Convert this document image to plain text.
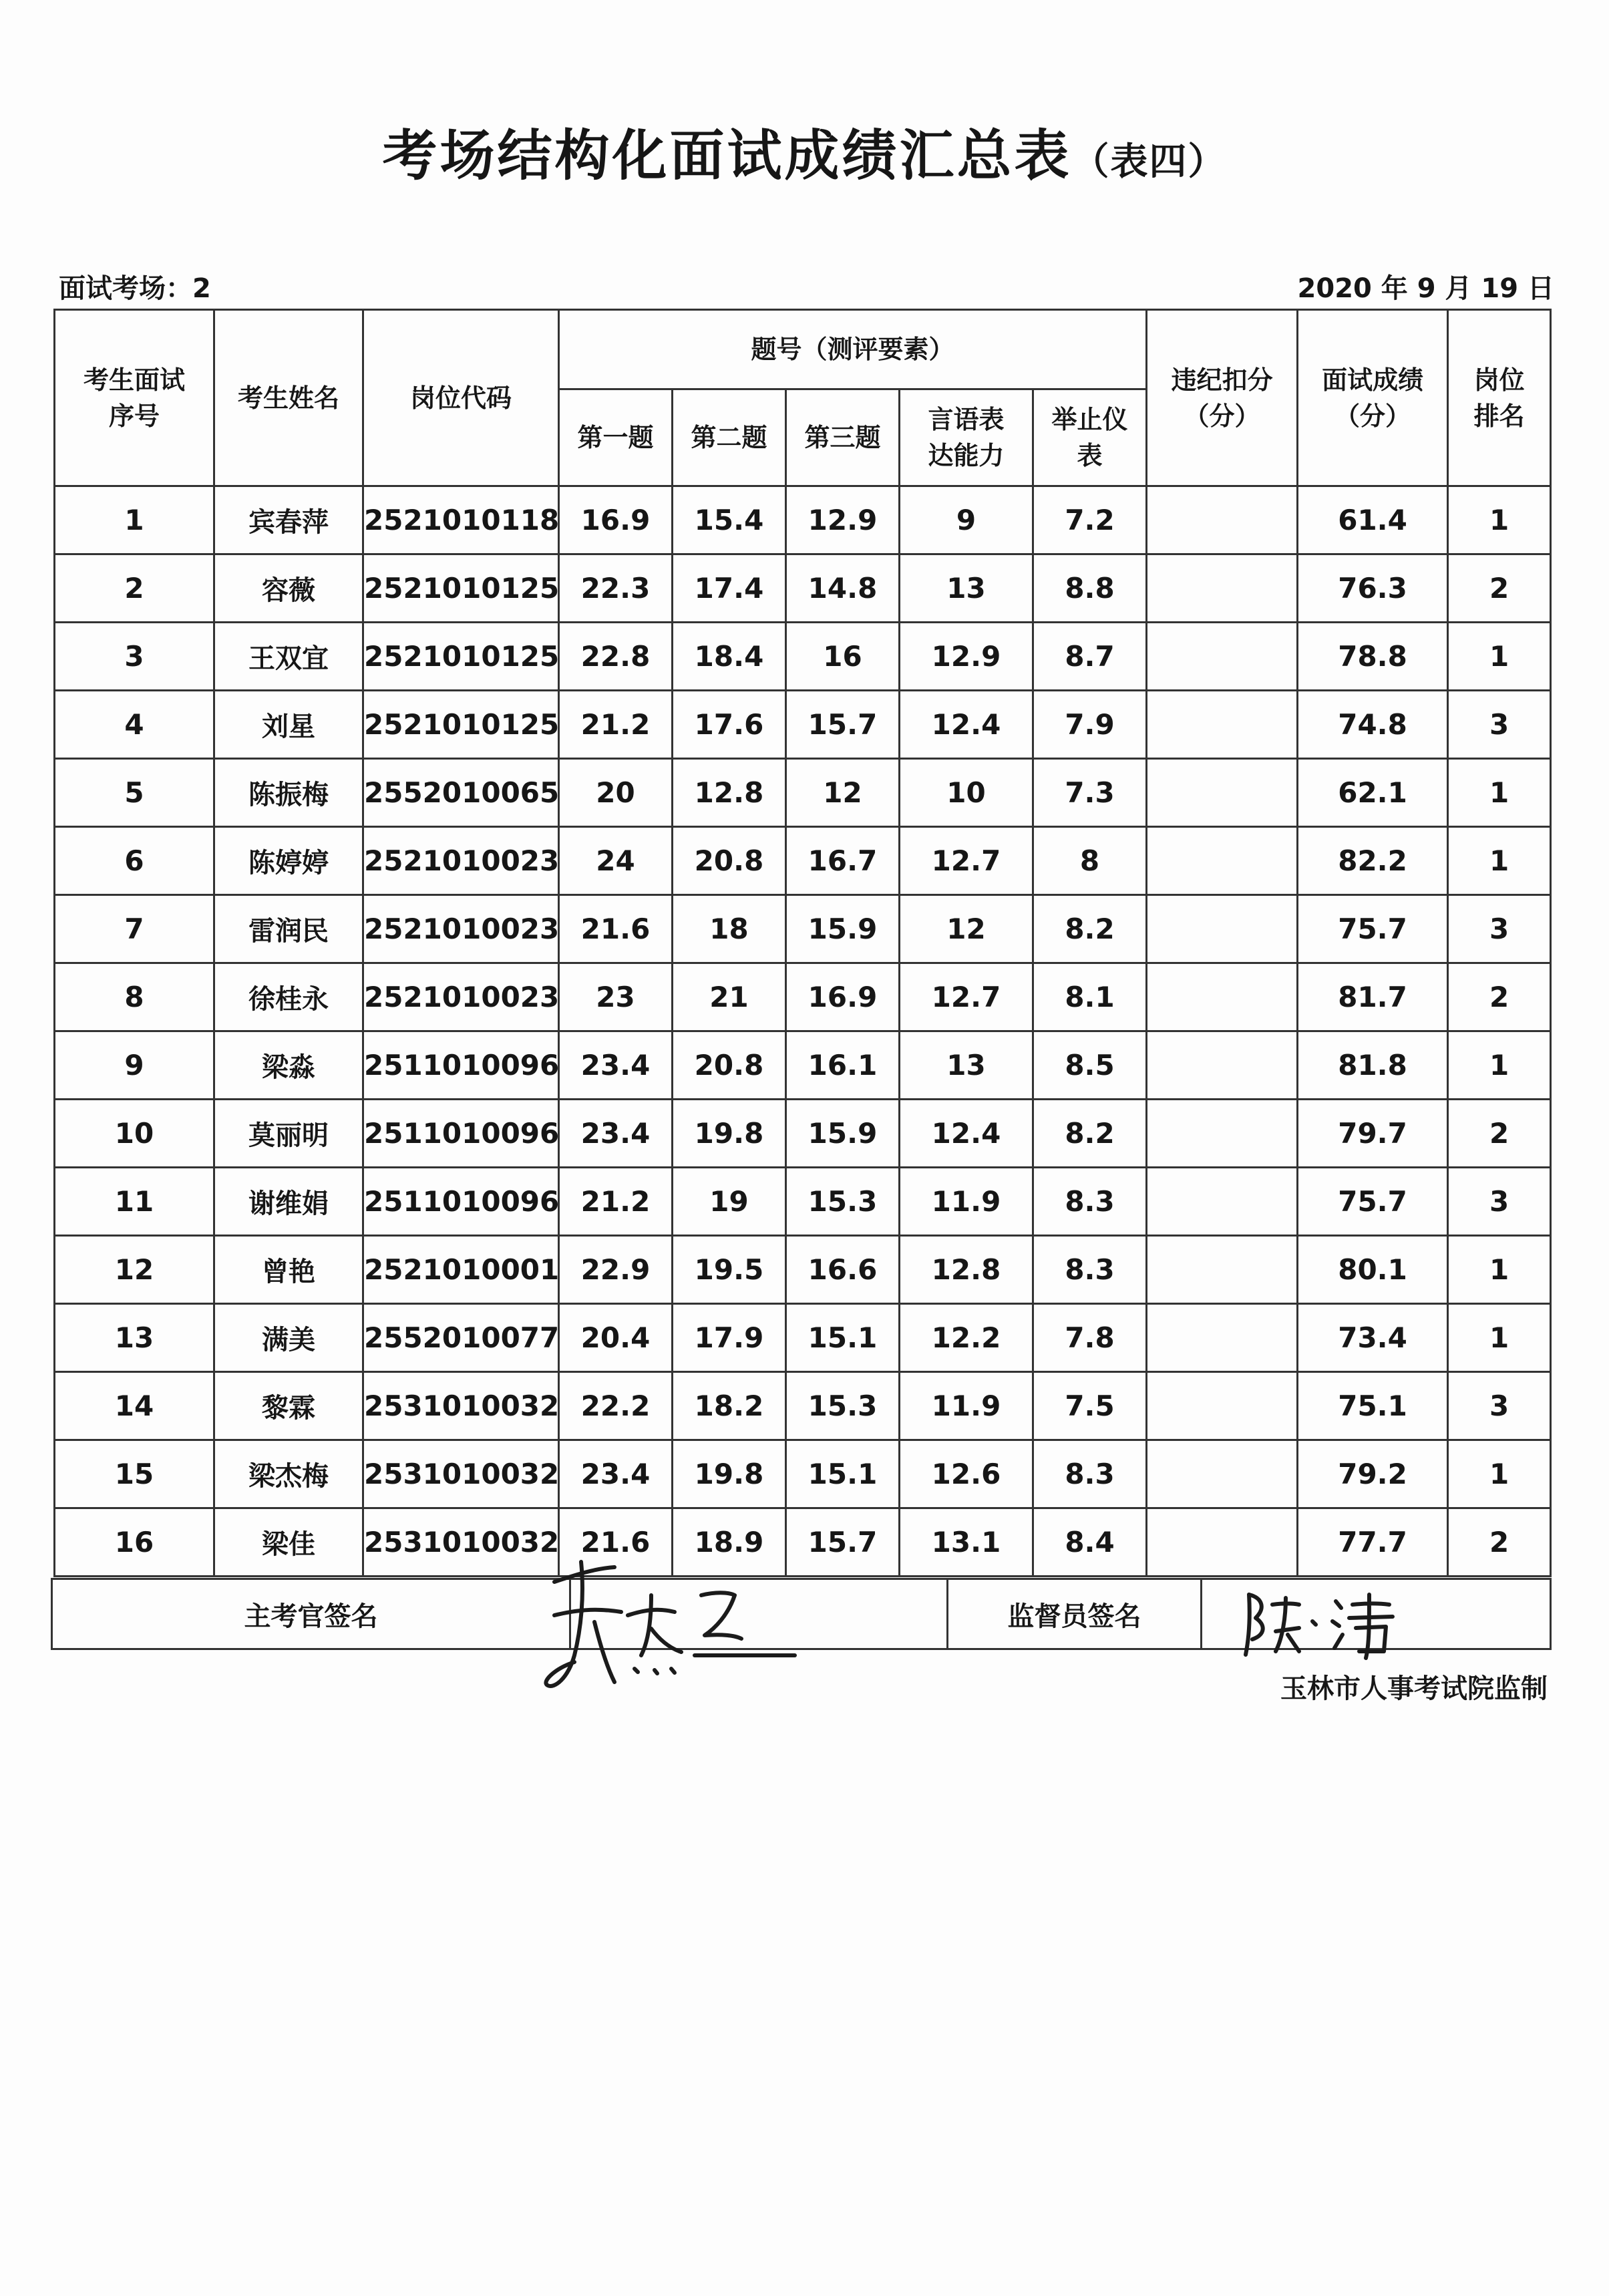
考场结构化面试成绩汇总表（表四）
面试考场：2	2020 年 9 月 19 日
考生面试序号	考生姓名	岗位代码	题号（测评要素）					违纪扣分（分）	面试成绩（分）	岗位排名

			第一题	第二题	第三题	言语表达能力	举止仪表			

1	宾春萍	2521010118	16.9	15.4	12.9	9	7.2		61.4	1
2	容薇	2521010125	22.3	17.4	14.8	13	8.8		76.3	2
3	王双宜	2521010125	22.8	18.4	16	12.9	8.7		78.8	1
4	刘星	2521010125	21.2	17.6	15.7	12.4	7.9		74.8	3
5	陈振梅	2552010065	20	12.8	12	10	7.3		62.1	1
6	陈婷婷	2521010023	24	20.8	16.7	12.7	8		82.2	1
7	雷润民	2521010023	21.6	18	15.9	12	8.2		75.7	3
8	徐桂永	2521010023	23	21	16.9	12.7	8.1		81.7	2
9	梁淼	2511010096	23.4	20.8	16.1	13	8.5		81.8	1
10	莫丽明	2511010096	23.4	19.8	15.9	12.4	8.2		79.7	2
11	谢维娟	2511010096	21.2	19	15.3	11.9	8.3		75.7	3
12	曾艳	2521010001	22.9	19.5	16.6	12.8	8.3		80.1	1
13	满美	2552010077	20.4	17.9	15.1	12.2	7.8		73.4	1
14	黎霖	2531010032	22.2	18.2	15.3	11.9	7.5		75.1	3
15	梁杰梅	2531010032	23.4	19.8	15.1	12.6	8.3		79.2	1
16	梁佳	2531010032	21.6	18.9	15.7	13.1	8.4		77.7	2
主考官签名		监督员签名	
玉林市人事考试院监制
